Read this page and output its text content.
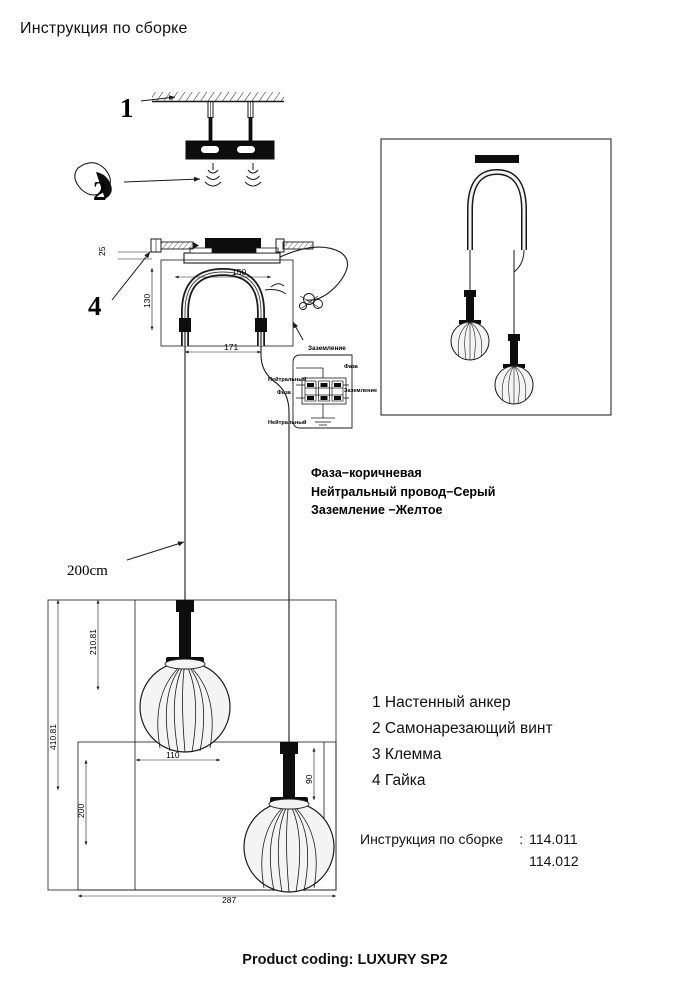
Инструкция по сборке
1
2
4
25
150
130
171	Заземление
Нейтральный
Фаза
Фаза
Заземление
Нейтральный
200cm
210.81
410.81
200
90
110
287
Фаза−коричневая
Нейтральный провод−Серый
Заземление −Желтое
1 Настенный анкер
2 Самонарезающий винт
3 Клемма
4 Гайка
Инструкция по сборке : 114.011
114.012
Product coding: LUXURY SP2
